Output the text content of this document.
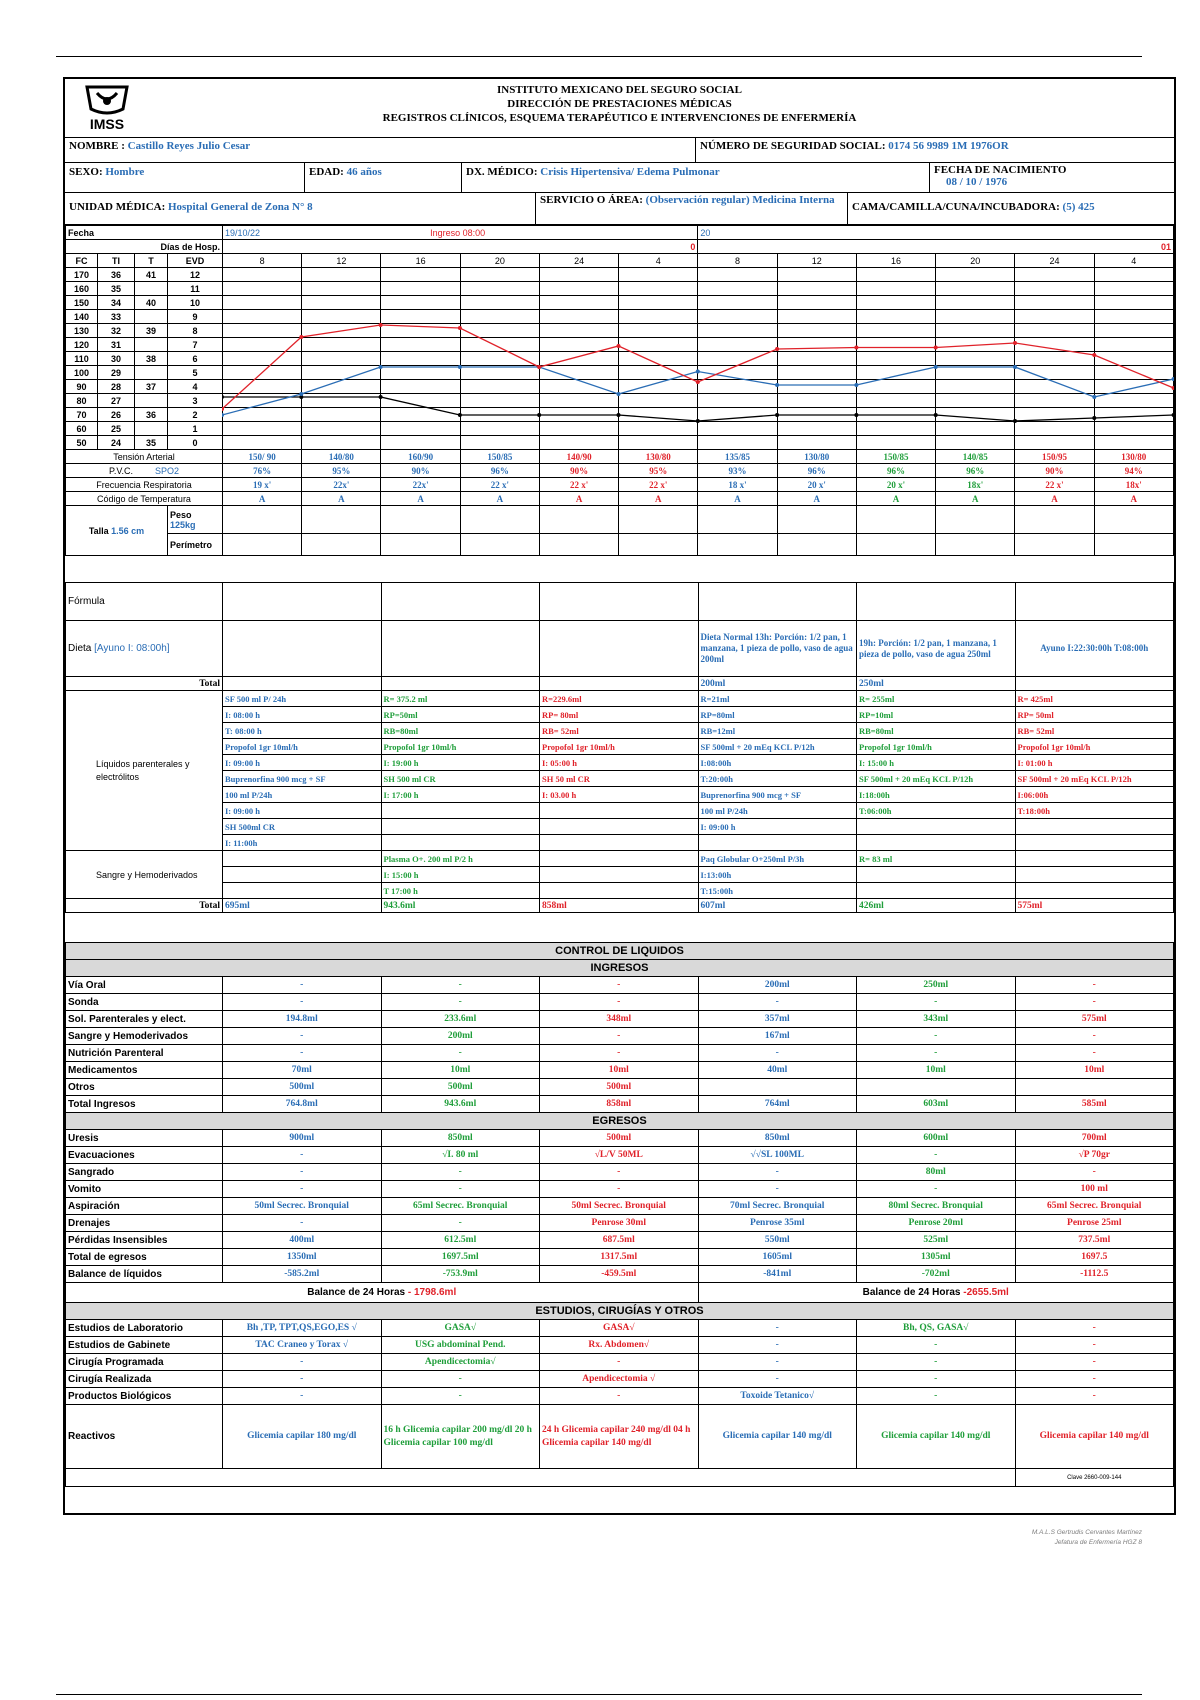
IMSS
INSTITUTO MEXICANO DEL SEGURO SOCIAL
DIRECCIÓN DE PRESTACIONES MÉDICAS
REGISTROS CLÍNICOS, ESQUEMA TERAPÉUTICO E INTERVENCIONES DE ENFERMERÍA
NOMBRE : Castillo Reyes Julio Cesar	NÚMERO DE SEGURIDAD SOCIAL: 0174 56 9989 1M 1976OR
SEXO: Hombre	EDAD: 46 años	DX. MÉDICO: Crisis Hipertensiva/ Edema Pulmonar	FECHA DE NACIMIENTO
08 / 10 / 1976
UNIDAD MÉDICA: Hospital General de Zona N° 8
SERVICIO O ÁREA: (Observación regular) Medicina Interna
CAMA/CAMILLA/CUNA/INCUBADORA: (5) 425
Fecha				19/10/22 Ingreso 08:00						20					
Días de Hosp.				0						01					
FC	TI	T	EVD	8	12	16	20	24	4	8	12	16	20	24	4
170	36	41	12												
160	35		11												
150	34	40	10												
140	33		9												
130	32	39	8												
120	31		7												
110	30	38	6												
100	29		5												
90	28	37	4												
80	27		3												
70	26	36	2												
60	25		1												
50	24	35	0												
Tensión Arterial				150/ 90	140/80	160/90	150/85	140/90	130/80	135/85	130/80	150/85	140/85	150/95	130/80
P.V.C. SPO2				76%	95%	90%	96%	90%	95%	93%	96%	96%	96%	90%	94%
Frecuencia Respiratoria				19 x'	22x'	22x'	22 x'	22 x'	22 x'	18 x'	20 x'	20 x'	18x'	22 x'	18x'
Código de Temperatura				A	A	A	A	A	A	A	A	A	A	A	A
Talla 1.56 cm			Peso
125kg												

			Perímetro												
Fórmula						
Dieta [Ayuno I: 08:00h]				Dieta Normal 13h: Porción: 1/2 pan, 1 manzana, 1 pieza de pollo, vaso de agua 200ml	19h: Porción: 1/2 pan, 1 manzana, 1 pieza de pollo, vaso de agua 250ml	Ayuno I:22:30:00h T:08:00h
Total				200ml	250ml	
Líquidos parenterales y electrólitos	SF 500 ml P/ 24h	R= 375.2 ml	R=229.6ml	R=21ml	R= 255ml	R= 425ml
	I: 08:00 h	RP=50ml	RP= 80ml	RP=80ml	RP=10ml	RP= 50ml
	T: 08:00 h	RB=80ml	RB= 52ml	RB=12ml	RB=80ml	RB= 52ml
	Propofol 1gr 10ml/h	Propofol 1gr 10ml/h	Propofol 1gr 10ml/h	SF 500ml + 20 mEq KCL P/12h	Propofol 1gr 10ml/h	Propofol 1gr 10ml/h
	I: 09:00 h	I: 19:00 h	I: 05:00 h	I:08:00h	I: 15:00 h	I: 01:00 h
	Buprenorfina 900 mcg + SF	SH 500 ml CR	SH 50 ml CR	T:20:00h	SF 500ml + 20 mEq KCL P/12h	SF 500ml + 20 mEq KCL P/12h
	100 ml P/24h	I: 17:00 h	I: 03.00 h	Buprenorfina 900 mcg + SF	I:18:00h	I:06:00h
	I: 09:00 h			100 ml P/24h	T:06:00h	T:18:00h
	SH 500ml CR			I: 09:00 h		
	I: 11:00h					
Sangre y Hemoderivados		Plasma O+. 200 ml P/2 h		Paq Globular O+250ml P/3h	R= 83 ml	
		I: 15:00 h		I:13:00h		
		T 17:00 h		T:15:00h		
Total	695ml	943.6ml	858ml	607ml	426ml	575ml
CONTROL DE LIQUIDOS						
INGRESOS						
Vía Oral	-	-	-	200ml	250ml	-
Sonda	-	-	-	-	-	-
Sol. Parenterales y elect.	194.8ml	233.6ml	348ml	357ml	343ml	575ml
Sangre y Hemoderivados	-	200ml	-	167ml	-	-
Nutrición Parenteral	-	-	-	-	-	-
Medicamentos	70ml	10ml	10ml	40ml	10ml	10ml
Otros	500ml	500ml	500ml			
Total Ingresos	764.8ml	943.6ml	858ml	764ml	603ml	585ml
EGRESOS						
Uresis	900ml	850ml	500ml	850ml	600ml	700ml
Evacuaciones	-	√I. 80 ml	√L/V 50ML	√√SL 100ML	-	√P 70gr
Sangrado	-	-	-	-	80ml	-
Vomito	-	-	-	-	-	100 ml
Aspiración	50ml Secrec. Bronquial	65ml Secrec. Bronquial	50ml Secrec. Bronquial	70ml Secrec. Bronquial	80ml Secrec. Bronquial	65ml Secrec. Bronquial
Drenajes	-	-	Penrose 30ml	Penrose 35ml	Penrose 20ml	Penrose 25ml
Pérdidas Insensibles	400ml	612.5ml	687.5ml	550ml	525ml	737.5ml
Total de egresos	1350ml	1697.5ml	1317.5ml	1605ml	1305ml	1697.5
Balance de líquidos	-585.2ml	-753.9ml	-459.5ml	-841ml	-702ml	-1112.5
Balance de 24 Horas - 1798.6ml				Balance de 24 Horas -2655.5ml		
ESTUDIOS, CIRUGÍAS Y OTROS						
Estudios de Laboratorio	Bh ,TP, TPT,QS,EGO,ES √	GASA√	GASA√	-	Bh, QS, GASA√	-
Estudios de Gabinete	TAC Craneo y Torax √	USG abdominal Pend.	Rx. Abdomen√	-	-	-
Cirugía Programada	-	Apendicectomia√	-	-	-	-
Cirugía Realizada	-	-	Apendicectomia √	-	-	-
Productos Biológicos	-	-	-	Toxoide Tetanico√	-	-
Reactivos	Glicemia capilar 180 mg/dl	16 h Glicemia capilar 200 mg/dl 20 h Glicemia capilar 100 mg/dl	24 h Glicemia capilar 240 mg/dl 04 h Glicemia capilar 140 mg/dl	Glicemia capilar 140 mg/dl	Glicemia capilar 140 mg/dl	Glicemia capilar 140 mg/dl
						Clave 2660-009-144
M.A.L.S Gertrudis Cervantes Martínez
Jefatura de Enfermería HGZ 8
